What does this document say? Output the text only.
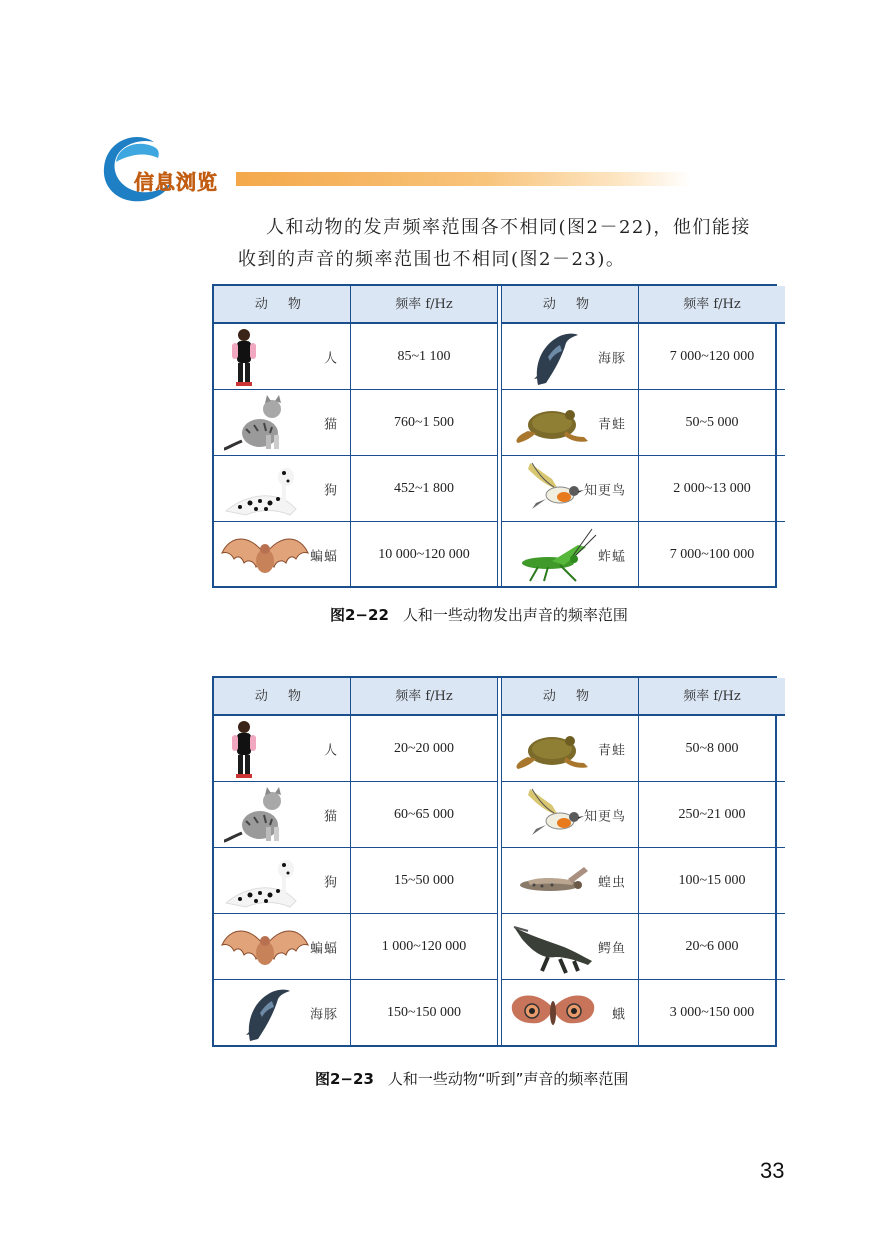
信息浏览
人和动物的发声频率范围各不相同(图2－22)，他们能接
收到的声音的频率范围也不相同(图2－23)。
动 物	频率 f/Hz
人	85~1 100
猫	760~1 500
狗	452~1 800
蝙蝠	10 000~120 000
动 物	频率 f/Hz
海豚	7 000~120 000
青蛙	50~5 000
知更鸟	2 000~13 000
蚱蜢	7 000~100 000
图2−22 人和一些动物发出声音的频率范围
动 物	频率 f/Hz
人	20~20 000
猫	60~65 000
狗	15~50 000
蝙蝠	1 000~120 000
海豚	150~150 000
动 物	频率 f/Hz
青蛙	50~8 000
知更鸟	250~21 000
蝗虫	100~15 000
鳄鱼	20~6 000
蛾	3 000~150 000
图2−23 人和一些动物“听到”声音的频率范围
33
